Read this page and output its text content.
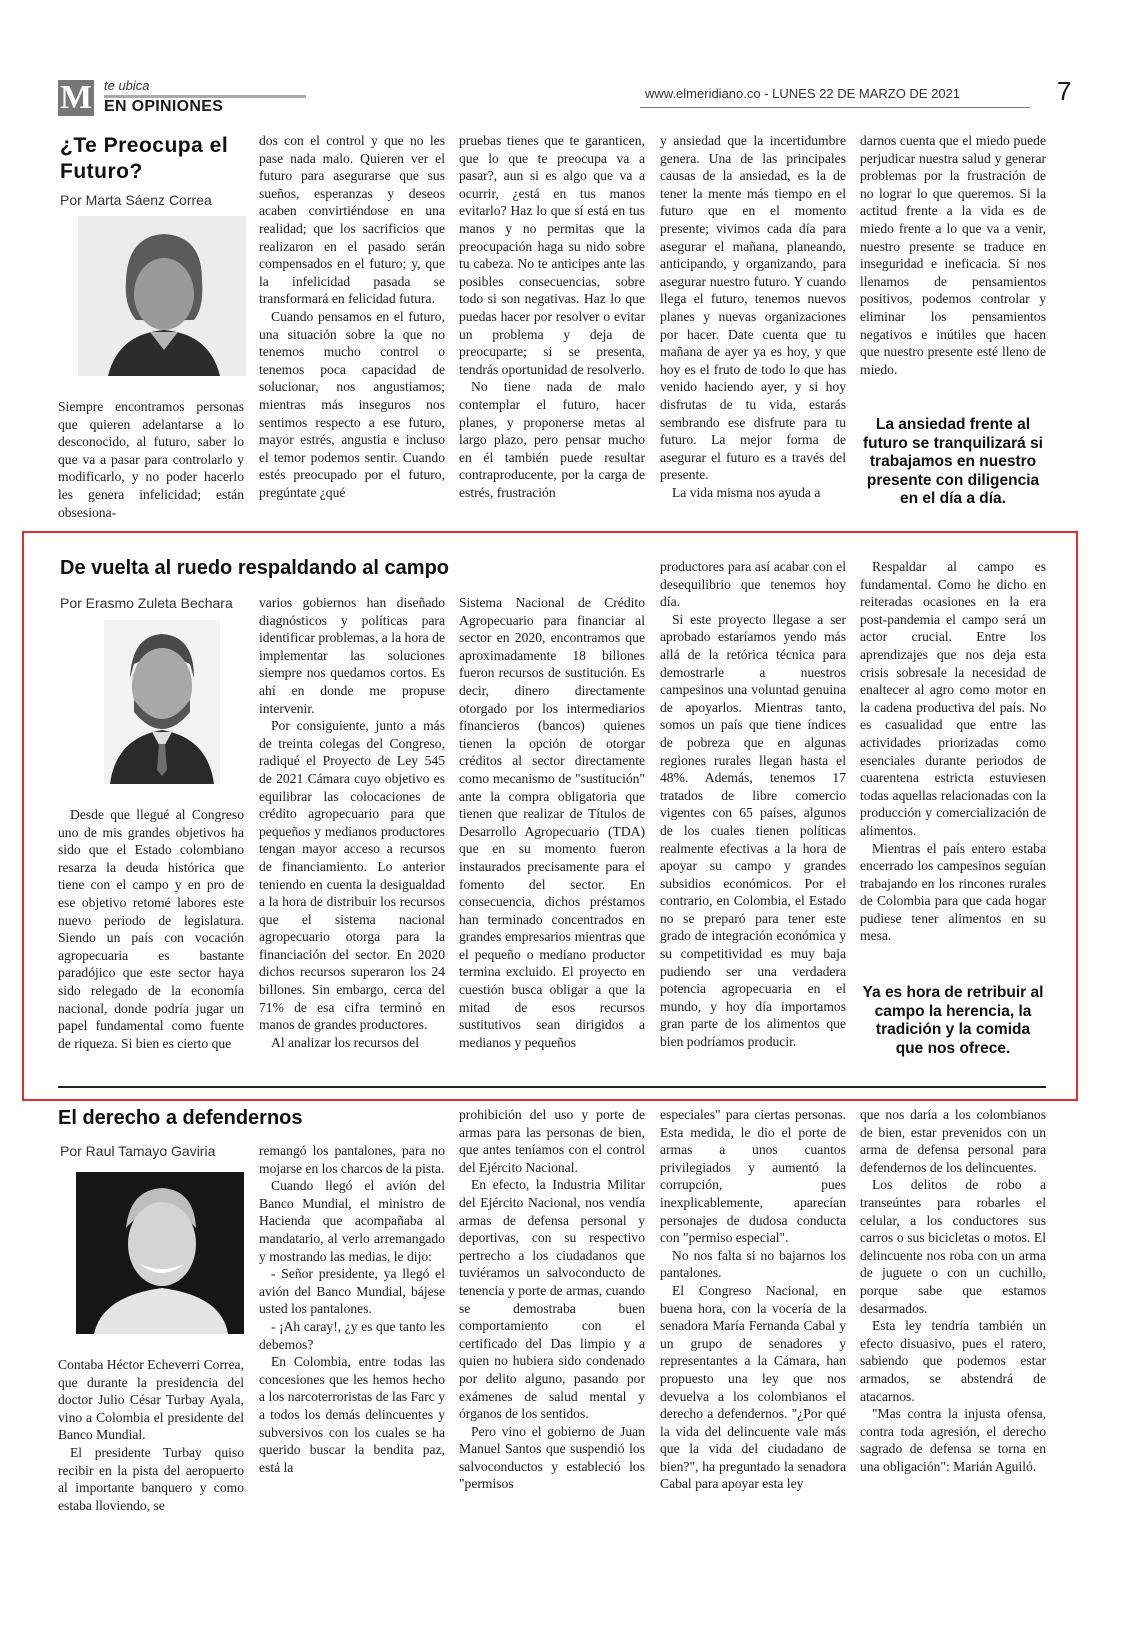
M te ubica
EN OPINIONES
www.elmeridiano.co - LUNES 22 DE MARZO DE 2021	7
¿Te Preocupa el Futuro?
Por Marta Sáenz Correa

Siempre encontramos personas que quieren adelantarse a lo desconocido, al futuro, saber lo que va a pasar para controlarlo y modificarlo, y no poder hacerlo les genera infelicidad; están obsesiona-

dos con el control y que no les pase nada malo. Quieren ver el futuro para asegurarse que sus sueños, esperanzas y deseos acaben convirtiéndose en una realidad; que los sacrificios que realizaron en el pasado serán compensados en el futuro; y, que la infelicidad pasada se transformará en felicidad futura.

Cuando pensamos en el futuro, una situación sobre la que no tenemos mucho control o tenemos poca capacidad de solucionar, nos angustiamos; mientras más inseguros nos sentimos respecto a ese futuro, mayor estrés, angustia e incluso el temor podemos sentir. Cuando estés preocupado por el futuro, pregúntate ¿qué

pruebas tienes que te garanticen, que lo que te preocupa va a pasar?, aun si es algo que va a ocurrir, ¿está en tus manos evitarlo? Haz lo que sí está en tus manos y no permitas que la preocupación haga su nido sobre tu cabeza. No te anticipes ante las posibles consecuencias, sobre todo si son negativas. Haz lo que puedas hacer por resolver o evitar un problema y deja de preocuparte; si se presenta, tendrás oportunidad de resolverlo.

No tiene nada de malo contemplar el futuro, hacer planes, y proponerse metas al largo plazo, pero pensar mucho en él también puede resultar contraproducente, por la carga de estrés, frustración

y ansiedad que la incertidumbre genera. Una de las principales causas de la ansiedad, es la de tener la mente más tiempo en el futuro que en el momento presente; vivimos cada día para asegurar el mañana, planeando, anticipando, y organizando, para asegurar nuestro futuro. Y cuando llega el futuro, tenemos nuevos planes y nuevas organizaciones por hacer. Date cuenta que tu mañana de ayer ya es hoy, y que hoy es el fruto de todo lo que has venido haciendo ayer, y si hoy disfrutas de tu vida, estarás sembrando ese disfrute para tu futuro. La mejor forma de asegurar el futuro es a través del presente.

La vida misma nos ayuda a

darnos cuenta que el miedo puede perjudicar nuestra salud y generar problemas por la frustración de no lograr lo que queremos. Si la actitud frente a la vida es de miedo frente a lo que va a venir, nuestro presente se traduce en inseguridad e ineficacia. Si nos llenamos de pensamientos positivos, podemos controlar y eliminar los pensamientos negativos e inútiles que hacen que nuestro presente esté lleno de miedo.

La ansiedad frente al futuro se tranquilizará si trabajamos en nuestro presente con diligencia en el día a día.
De vuelta al ruedo respaldando al campo
Por Erasmo Zuleta Bechara

Desde que llegué al Congreso uno de mis grandes objetivos ha sido que el Estado colombiano resarza la deuda histórica que tiene con el campo y en pro de ese objetivo retomé labores este nuevo periodo de legislatura. Siendo un país con vocación agropecuaria es bastante paradójico que este sector haya sido relegado de la economía nacional, donde podría jugar un papel fundamental como fuente de riqueza. Si bien es cierto que

varios gobiernos han diseñado diagnósticos y políticas para identificar problemas, a la hora de implementar las soluciones siempre nos quedamos cortos. Es ahí en donde me propuse intervenir.

Por consiguiente, junto a más de treinta colegas del Congreso, radiqué el Proyecto de Ley 545 de 2021 Cámara cuyo objetivo es equilibrar las colocaciones de crédito agropecuario para que pequeños y medianos productores tengan mayor acceso a recursos de financiamiento. Lo anterior teniendo en cuenta la desigualdad a la hora de distribuir los recursos que el sistema nacional agropecuario otorga para la financiación del sector. En 2020 dichos recursos superaron los 24 billones. Sin embargo, cerca del 71% de esa cifra terminó en manos de grandes productores.

Al analizar los recursos del

Sistema Nacional de Crédito Agropecuario para financiar al sector en 2020, encontramos que aproximadamente 18 billones fueron recursos de sustitución. Es decir, dinero directamente otorgado por los intermediarios financieros (bancos) quienes tienen la opción de otorgar créditos al sector directamente como mecanismo de "sustitución" ante la compra obligatoria que tienen que realizar de Títulos de Desarrollo Agropecuario (TDA) que en su momento fueron instaurados precisamente para el fomento del sector. En consecuencia, dichos préstamos han terminado concentrados en grandes empresarios mientras que el pequeño o mediano productor termina excluido. El proyecto en cuestión busca obligar a que la mitad de esos recursos sustitutivos sean dirigidos a medianos y pequeños

productores para así acabar con el desequilibrio que tenemos hoy día.

Si este proyecto llegase a ser aprobado estaríamos yendo más allá de la retórica técnica para demostrarle a nuestros campesinos una voluntad genuina de apoyarlos. Mientras tanto, somos un país que tiene índices de pobreza que en algunas regiones rurales llegan hasta el 48%. Además, tenemos 17 tratados de libre comercio vigentes con 65 países, algunos de los cuales tienen políticas realmente efectivas a la hora de apoyar su campo y grandes subsidios económicos. Por el contrario, en Colombia, el Estado no se preparó para tener este grado de integración económica y su competitividad es muy baja pudiendo ser una verdadera potencia agropecuaria en el mundo, y hoy día importamos gran parte de los alimentos que bien podríamos producir.

Respaldar al campo es fundamental. Como he dicho en reiteradas ocasiones en la era post-pandemia el campo será un actor crucial. Entre los aprendizajes que nos deja esta crisis sobresale la necesidad de enaltecer al agro como motor en la cadena productiva del país. No es casualidad que entre las actividades priorizadas como esenciales durante periodos de cuarentena estricta estuviesen todas aquellas relacionadas con la producción y comercialización de alimentos.

Mientras el país entero estaba encerrado los campesinos seguían trabajando en los rincones rurales de Colombia para que cada hogar pudiese tener alimentos en su mesa.

Ya es hora de retribuir al campo la herencia, la tradición y la comida que nos ofrece.
El derecho a defendernos
Por Raul Tamayo Gaviria

Contaba Héctor Echeverri Correa, que durante la presidencia del doctor Julio César Turbay Ayala, vino a Colombia el presidente del Banco Mundial.

El presidente Turbay quiso recibir en la pista del aeropuerto al importante banquero y como estaba lloviendo, se

remangó los pantalones, para no mojarse en los charcos de la pista.

Cuando llegó el avión del Banco Mundial, el ministro de Hacienda que acompañaba al mandatario, al verlo arremangado y mostrando las medias, le dijo:

- Señor presidente, ya llegó el avión del Banco Mundial, bájese usted los pantalones.

- ¡Ah caray!, ¿y es que tanto les debemos?

En Colombia, entre todas las concesiones que les hemos hecho a los narcoterroristas de las Farc y a todos los demás delincuentes y subversivos con los cuales se ha querido buscar la bendita paz, está la

prohibición del uso y porte de armas para las personas de bien, que antes teníamos con el control del Ejército Nacional.

En efecto, la Industria Militar del Ejército Nacional, nos vendía armas de defensa personal y deportivas, con su respectivo pertrecho a los ciudadanos que tuviéramos un salvoconducto de tenencia y porte de armas, cuando se demostraba buen comportamiento con el certificado del Das limpio y a quien no hubiera sido condenado por delito alguno, pasando por exámenes de salud mental y órganos de los sentidos.

Pero vino el gobierno de Juan Manuel Santos que suspendió los salvoconductos y estableció los "permisos

especiales" para ciertas personas. Esta medida, le dio el porte de armas a unos cuantos privilegiados y aumentó la corrupción, pues inexplicablemente, aparecían personajes de dudosa conducta con "permiso especial".

No nos falta si no bajarnos los pantalones.

El Congreso Nacional, en buena hora, con la vocería de la senadora María Fernanda Cabal y un grupo de senadores y representantes a la Cámara, han propuesto una ley que nos devuelva a los colombianos el derecho a defendernos. "¿Por qué la vida del delincuente vale más que la vida del ciudadano de bien?", ha preguntado la senadora Cabal para apoyar esta ley

que nos daría a los colombianos de bien, estar prevenidos con un arma de defensa personal para defendernos de los delincuentes.

Los delitos de robo a transeúntes para robarles el celular, a los conductores sus carros o sus bicicletas o motos. El delincuente nos roba con un arma de juguete o con un cuchillo, porque sabe que estamos desarmados.

Esta ley tendría también un efecto disuasivo, pues el ratero, sabiendo que podemos estar armados, se abstendrá de atacarnos.

"Mas contra la injusta ofensa, contra toda agresión, el derecho sagrado de defensa se torna en una obligación": Marián Aguiló.
